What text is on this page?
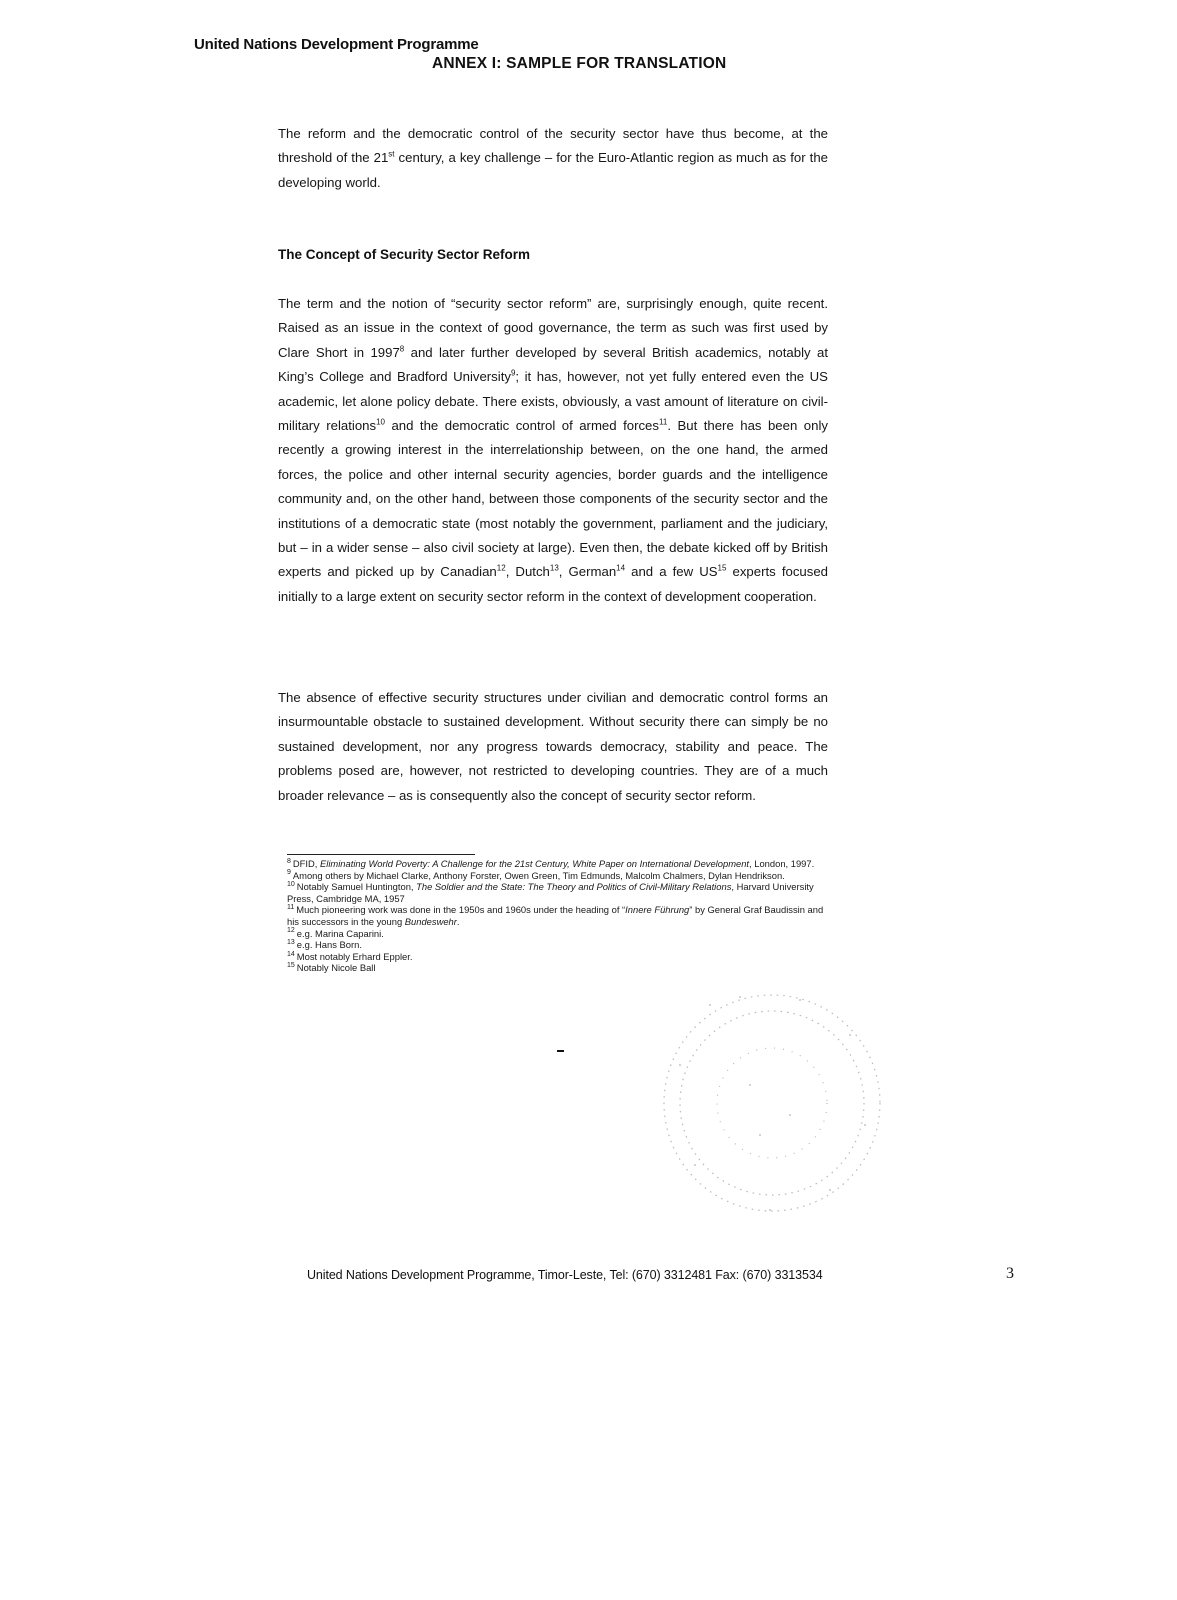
United Nations Development Programme
ANNEX I: SAMPLE FOR TRANSLATION

The reform and the democratic control of the security sector have thus become, at the threshold of the 21st century, a key challenge – for the Euro-Atlantic region as much as for the developing world.

The Concept of Security Sector Reform

The term and the notion of “security sector reform” are, surprisingly enough, quite recent. Raised as an issue in the context of good governance, the term as such was first used by Clare Short in 1997$^8$ and later further developed by several British academics, notably at King’s College and Bradford University$^9$; it has, however, not yet fully entered even the US academic, let alone policy debate. There exists, obviously, a vast amount of literature on civil-military relations$^{10}$ and the democratic control of armed forces$^{11}$. But there has been only recently a growing interest in the interrelationship between, on the one hand, the armed forces, the police and other internal security agencies, border guards and the intelligence community and, on the other hand, between those components of the security sector and the institutions of a democratic state (most notably the government, parliament and the judiciary, but – in a wider sense – also civil society at large). Even then, the debate kicked off by British experts and picked up by Canadian$^{12}$, Dutch$^{13}$, German$^{14}$ and a few US$^{15}$ experts focused initially to a large extent on security sector reform in the context of development cooperation.

The absence of effective security structures under civilian and democratic control forms an insurmountable obstacle to sustained development. Without security there can simply be no sustained development, nor any progress towards democracy, stability and peace. The problems posed are, however, not restricted to developing countries. They are of a much broader relevance – as is consequently also the concept of security sector reform.

$^8$ DFID, Eliminating World Poverty: A Challenge for the 21st Century, White Paper on International Development, London, 1997.
$^9$ Among others by Michael Clarke, Anthony Forster, Owen Green, Tim Edmunds, Malcolm Chalmers, Dylan Hendrikson.
$^{10}$ Notably Samuel Huntington, The Soldier and the State: The Theory and Politics of Civil-Military Relations, Harvard University Press, Cambridge MA, 1957
$^{11}$ Much pioneering work was done in the 1950s and 1960s under the heading of “Innere Führung” by General Graf Baudissin and his successors in the young Bundeswehr.
$^{12}$ e.g. Marina Caparini.
$^{13}$ e.g. Hans Born.
$^{14}$ Most notably Erhard Eppler.
$^{15}$ Notably Nicole Ball
United Nations Development Programme, Timor-Leste, Tel: (670) 3312481 Fax: (670) 3313534	3
